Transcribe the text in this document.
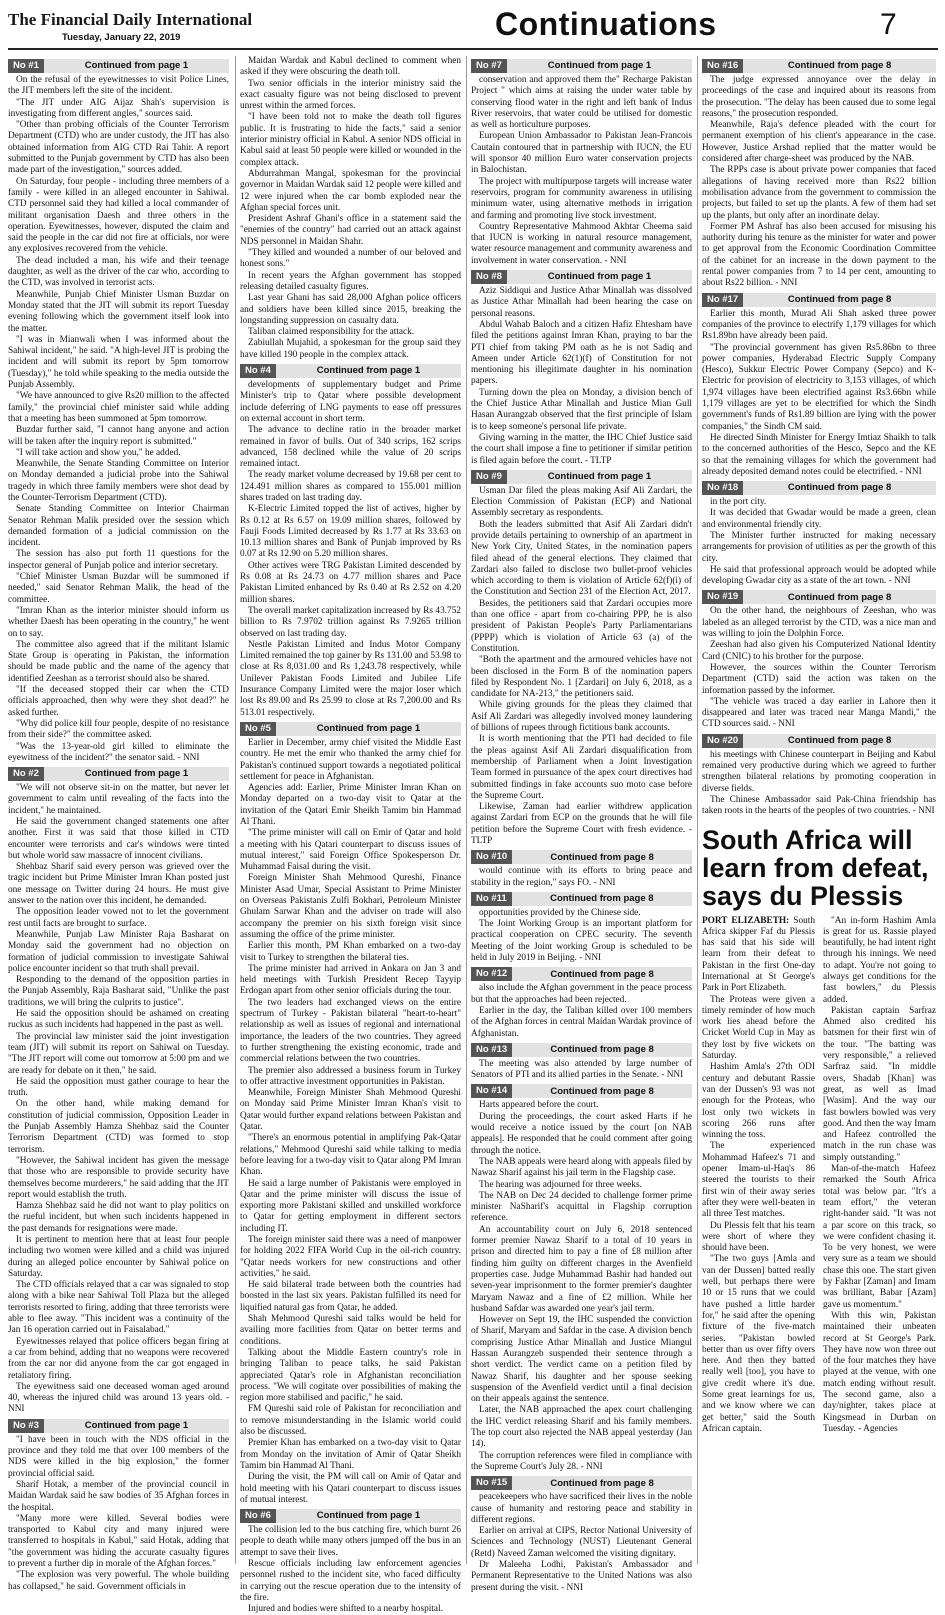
The Financial Daily International
Tuesday, January 22, 2019	Continuations	7
No #1	Continued from page 1

On the refusal of the eyewitnesses to visit Police Lines, the JIT members left the site of the incident.

"The JIT under AIG Aijaz Shah's supervision is investigating from different angles," sources said.

"Other than probing officials of the Counter Terrorism Department (CTD) who are under custody, the JIT has also obtained information from AIG CTD Rai Tahir. A report submitted to the Punjab government by CTD has also been made part of the investigation," sources added.

On Saturday, four people - including three members of a family - were killed in an alleged encounter in Sahiwal. CTD personnel said they had killed a local commander of militant organisation Daesh and three others in the operation. Eyewitnesses, however, disputed the claim and said the people in the car did not fire at officials, nor were any explosives recovered from the vehicle.

The dead included a man, his wife and their teenage daughter, as well as the driver of the car who, according to the CTD, was involved in terrorist acts.

Meanwhile, Punjab Chief Minister Usman Buzdar on Monday stated that the JIT will submit its report Tuesday evening following which the government itself look into the matter.

"I was in Mianwali when I was informed about the Sahiwal incident," he said. "A high-level JIT is probing the incident and will submit its report by 5pm tomorrow (Tuesday)," he told while speaking to the media outside the Punjab Assembly.

"We have announced to give Rs20 million to the affected family," the provincial chief minister said while adding that a meeting has been summoned at 5pm tomorrow.

Buzdar further said, "I cannot hang anyone and action will be taken after the inquiry report is submitted."

"I will take action and show you," he added.

Meanwhile, the Senate Standing Committee on Interior on Monday demanded a judicial probe into the Sahiwal tragedy in which three family members were shot dead by the Counter-Terrorism Department (CTD).

Senate Standing Committee on Interior Chairman Senator Rehman Malik presided over the session which demanded formation of a judicial commission on the incident.

The session has also put forth 11 questions for the inspector general of Punjab police and interior secretary.

"Chief Minister Usman Buzdar will be summoned if needed," said Senator Rehman Malik, the head of the committee.

"Imran Khan as the interior minister should inform us whether Daesh has been operating in the country," he went on to say.

The committee also agreed that if the militant Islamic State Group is operating in Pakistan, the information should be made public and the name of the agency that identified Zeeshan as a terrorist should also be shared.

"If the deceased stopped their car when the CTD officials approached, then why were they shot dead?" he asked further.

"Why did police kill four people, despite of no resistance from their side?" the committee asked.

"Was the 13-year-old girl killed to eliminate the eyewitness of the incident?" the senator said. - NNI

No #2	Continued from page 1

"We will not observe sit-in on the matter, but never let government to calm until revealing of the facts into the incident," he maintained.

He said the government changed statements one after another. First it was said that those killed in CTD encounter were terrorists and car's windows were tinted but whole world saw massacre of innocent civilians.

Shehbaz Sharif said every person was grieved over the tragic incident but Prime Minister Imran Khan posted just one message on Twitter during 24 hours. He must give answer to the nation over this incident, he demanded.

The opposition leader vowed not to let the government rest until facts are brought to surface.

Meanwhile, Punjab Law Minister Raja Basharat on Monday said the government had no objection on formation of judicial commission to investigate Sahiwal police encounter incident so that truth shall prevail.

Responding to the demand of the opposition parties in the Punjab Assembly, Raja Basharat said, "Unlike the past traditions, we will bring the culprits to justice".

He said the opposition should be ashamed on creating ruckus as such incidents had happened in the past as well.

The provincial law minister said the joint investigation team (JIT) will submit its report on Sahiwal on Tuesday. "The JIT report will come out tomorrow at 5:00 pm and we are ready for debate on it then," he said.

He said the opposition must gather courage to hear the truth.

On the other hand, while making demand for constitution of judicial commission, Opposition Leader in the Punjab Assembly Hamza Shehbaz said the Counter Terrorism Department (CTD) was formed to stop terrorism.

"However, the Sahiwal incident has given the message that those who are responsible to provide security have themselves become murderers," he said adding that the JIT report would establish the truth.

Hamza Shehbaz said he did not want to play politics on the rueful incident, but when such incidents happened in the past demands for resignations were made.

It is pertinent to mention here that at least four people including two women were killed and a child was injured during an alleged police encounter by Sahiwal police on Saturday.

The CTD officials relayed that a car was signaled to stop along with a bike near Sahiwal Toll Plaza but the alleged terrorists resorted to firing, adding that three terrorists were able to flee away. "This incident was a continuity of the Jan 16 operation carried out in Faisalabad."

Eyewitnesses relayed that police officers began firing at a car from behind, adding that no weapons were recovered from the car nor did anyone from the car got engaged in retaliatory firing.

The eyewitness said one deceased woman aged around 40, whereas the injured child was around 13 years old. - NNI

No #3	Continued from page 1

"I have been in touch with the NDS official in the province and they told me that over 100 members of the NDS were killed in the big explosion," the former provincial official said.

Sharif Hotak, a member of the provincial council in Maidan Wardak said he saw bodies of 35 Afghan forces in the hospital.

"Many more were killed. Several bodies were transported to Kabul city and many injured were transferred to hospitals in Kabul," said Hotak, adding that "the government was hiding the accurate casualty figures to prevent a further dip in morale of the Afghan forces."

"The explosion was very powerful. The whole building has collapsed," he said. Government officials in

Maidan Wardak and Kabul declined to comment when asked if they were obscuring the death toll.

Two senior officials in the interior ministry said the exact casualty figure was not being disclosed to prevent unrest within the armed forces.

"I have been told not to make the death toll figures public. It is frustrating to hide the facts," said a senior interior ministry official in Kabul. A senior NDS official in Kabul said at least 50 people were killed or wounded in the complex attack.

Abdurrahman Mangal, spokesman for the provincial governor in Maidan Wardak said 12 people were killed and 12 were injured when the car bomb exploded near the Afghan special forces unit.

President Ashraf Ghani's office in a statement said the "enemies of the country" had carried out an attack against NDS personnel in Maidan Shahr.

"They killed and wounded a number of our beloved and honest sons."

In recent years the Afghan government has stopped releasing detailed casualty figures.

Last year Ghani has said 28,000 Afghan police officers and soldiers have been killed since 2015, breaking the longstanding suppression on casualty data.

Taliban claimed responsibility for the attack.

Zabiullah Mujahid, a spokesman for the group said they have killed 190 people in the complex attack.

No #4	Continued from page 1

developments of supplementary budget and Prime Minister's trip to Qatar where possible development include deferring of LNG payments to ease off pressures on external account in short term.

The advance to decline ratio in the broader market remained in favor of bulls. Out of 340 scrips, 162 scrips advanced, 158 declined while the value of 20 scrips remained intact.

The ready market volume decreased by 19.68 per cent to 124.491 million shares as compared to 155.001 million shares traded on last trading day.

K-Electric Limited topped the list of actives, higher by Rs 0.12 at Rs 6.57 on 19.09 million shares, followed by Fauji Foods Limited decreased by Rs 1.77 at Rs 33.63 on 10.13 million shares and Bank of Punjab improved by Rs 0.07 at Rs 12.90 on 5.20 million shares.

Other actives were TRG Pakistan Limited descended by Rs 0.08 at Rs 24.73 on 4.77 million shares and Pace Pakistan Limited enhanced by Rs 0.40 at Rs 2.52 on 4.20 million shares.

The overall market capitalization increased by Rs 43.752 billion to Rs 7.9702 trillion against Rs 7.9265 trillion observed on last trading day.

Nestle Pakistan Limited and Indus Motor Company Limited remained the top gainer by Rs 131.00 and 53.98 to close at Rs 8,031.00 and Rs 1,243.78 respectively, while Unilever Pakistan Foods Limited and Jubilee Life Insurance Company Limited were the major loser which lost Rs 89.00 and Rs 25.99 to close at Rs 7,200.00 and Rs 513.01 respectively.

No #5	Continued from page 1

Earlier in December, army chief visited the Middle East country. He met the emir who thanked the army chief for Pakistan's continued support towards a negotiated political settlement for peace in Afghanistan.

Agencies add: Earlier, Prime Minister Imran Khan on Monday departed on a two-day visit to Qatar at the invitation of the Qatari Emir Sheikh Tamim bin Hammad Al Thani.

"The prime minister will call on Emir of Qatar and hold a meeting with his Qatari counterpart to discuss issues of mutual interest," said Foreign Office Spokesperson Dr. Muhammad Faisal during the visit.

Foreign Minister Shah Mehmood Qureshi, Finance Minister Asad Umar, Special Assistant to Prime Minister on Overseas Pakistanis Zulfi Bokhari, Petroleum Minister Ghulam Sarwar Khan and the adviser on trade will also accompany the premier on his sixth foreign visit since assuming the office of the prime minister.

Earlier this month, PM Khan embarked on a two-day visit to Turkey to strengthen the bilateral ties.

The prime minister had arrived in Ankara on Jan 3 and held meetings with Turkish President Recep Tayyip Erdogan apart from other senior officials during the tour.

The two leaders had exchanged views on the entire spectrum of Turkey - Pakistan bilateral "heart-to-heart" relationship as well as issues of regional and international importance, the leaders of the two countries. They agreed to further strengthening the existing economic, trade and commercial relations between the two countries.

The premier also addressed a business forum in Turkey to offer attractive investment opportunities in Pakistan.

Meanwhile, Foreign Minister Shah Mehmood Qureshi on Monday said Prime Minister Imran Khan's visit to Qatar would further expand relations between Pakistan and Qatar.

"There's an enormous potential in amplifying Pak-Qatar relations," Mehmood Qureshi said while talking to media before leaving for a two-day visit to Qatar along PM Imran Khan.

He said a large number of Pakistanis were employed in Qatar and the prime minister will discuss the issue of exporting more Pakistani skilled and unskilled workforce to Qatar for getting employment in different sectors including IT.

The foreign minister said there was a need of manpower for holding 2022 FIFA World Cup in the oil-rich country. "Qatar needs workers for new constructions and other activities," he said.

He said bilateral trade between both the countries had boosted in the last six years. Pakistan fulfilled its need for liquified natural gas from Qatar, he added.

Shah Mehmood Qureshi said talks would be held for availing more facilities from Qatar on better terms and conditions.

Talking about the Middle Eastern country's role in bringing Taliban to peace talks, he said Pakistan appreciated Qatar's role in Afghanistan reconciliation process. "We will cogitate over possibilities of making the region more stabilised and pacific," he said.

FM Qureshi said role of Pakistan for reconciliation and to remove misunderstanding in the Islamic world could also be discussed.

Premier Khan has embarked on a two-day visit to Qatar from Monday on the invitation of Amir of Qatar Sheikh Tamim bin Hammad Al Thani.

During the visit, the PM will call on Amir of Qatar and hold meeting with his Qatari counterpart to discuss issues of mutual interest.

No #6	Continued from page 1

The collision led to the bus catching fire, which burnt 26 people to death while many others jumped off the bus in an attempt to save their lives.

Rescue officials including law enforcement agencies personnel rushed to the incident site, who faced difficulty in carrying out the rescue operation due to the intensity of the fire.

Injured and bodies were shifted to a nearby hospital.

No #7	Continued from page 1

conservation and approved them the" Recharge Pakistan Project " which aims at raising the under water table by conserving flood water in the right and left bank of Indus River reservoirs, that water could be utilised for domestic as well as horticulture purposes.

European Union Ambassador to Pakistan Jean-Francois Cautain contoured that in partnership with IUCN, the EU will sponsor 40 million Euro water conservation projects in Balochistan.

The project with multipurpose targets will increase water reservoirs, program for community awareness in utilising minimum water, using alternative methods in irrigation and farming and promoting live stock investment.

Country Representative Mahmood Akhtar Cheema said that IUCN is working in natural resource management, water resource management and community awareness and involvement in water conservation. - NNI

No #8	Continued from page 1

Aziz Siddiqui and Justice Athar Minallah was dissolved as Justice Athar Minallah had been hearing the case on personal reasons.

Abdul Wahab Baloch and a citizen Hafiz Ehtesham have filed the petitions against Imran Khan, praying to bar the PTI chief from taking PM oath as he is not Sadiq and Ameen under Article 62(1)(f) of Constitution for not mentioning his illegitimate daughter in his nomination papers.

Turning down the plea on Monday, a division bench of the Chief Justice Athar Minallah and Justice Mian Gull Hasan Aurangzab observed that the first principle of Islam is to keep someone's personal life private.

Giving warning in the matter, the IHC Chief Justice said the court shall impose a fine to petitioner if similar petition is filed again before the court. - TLTP

No #9	Continued from page 1

Usman Dar filed the pleas making Asif Ali Zardari, the Election Commission of Pakistan (ECP) and National Assembly secretary as respondents.

Both the leaders submitted that Asif Ali Zardari didn't provide details pertaining to ownership of an apartment in New York City, United States, in the nomination papers filed ahead of the general elections. They claimed that Zardari also failed to disclose two bullet-proof vehicles which according to them is violation of Article 62(f)(i) of the Constitution and Section 231 of the Election Act, 2017.

Besides, the petitioners said that Zardari occupies more than one office - apart from co-chairing PPP, he is also president of Pakistan People's Party Parliamentarians (PPPP) which is violation of Article 63 (a) of the Constitution.

"Both the apartment and the armoured vehicles have not been disclosed in the Form B of the nomination papers filed by Respondent No. 1 [Zardari] on July 6, 2018, as a candidate for NA-213," the petitioners said.

While giving grounds for the pleas they claimed that Asif Ali Zardari was allegedly involved money laundering of billions of rupees through fictitious bank accounts.

It is worth mentioning that the PTI had decided to file the pleas against Asif Ali Zardari disqualification from membership of Parliament when a Joint Investigation Team formed in pursuance of the apex court directives had submitted findings in fake accounts suo moto case before the Supreme Court.

Likewise, Zaman had earlier withdrew application against Zardari from ECP on the grounds that he will file petition before the Supreme Court with fresh evidence. - TLTP

No #10	Continued from page 8

would continue with its efforts to bring peace and stability in the region," says FO. - NNI

No #11	Continued from page 8

opportunities provided by the Chinese side.

The Joint Working Group is an important platform for practical cooperation on CPEC security. The seventh Meeting of the Joint working Group is scheduled to be held in July 2019 in Beijing. - NNI

No #12	Continued from page 8

also include the Afghan government in the peace process but that the approaches had been rejected.

Earlier in the day, the Taliban killed over 100 members of the Afghan forces in central Maidan Wardak province of Afghanistan.

No #13	Continued from page 8

The meeting was also attended by large number of Senators of PTI and its allied parties in the Senate. - NNI

No #14	Continued from page 8

Harts appeared before the court.

During the proceedings, the court asked Harts if he would receive a notice issued by the court [on NAB appeals]. He responded that he could comment after going through the notice.

The NAB appeals were heard along with appeals filed by Nawaz Sharif against his jail term in the Flagship case.

The hearing was adjourned for three weeks.

The NAB on Dec 24 decided to challenge former prime minister NaSharif's acquittal in Flagship corruption reference.

An accountability court on July 6, 2018 sentenced former premier Nawaz Sharif to a total of 10 years in prison and directed him to pay a fine of £8 million after finding him guilty on different charges in the Avenfield properties case. Judge Muhammad Bashir had handed out seven-year imprisonment to the former premier's daughter Maryam Nawaz and a fine of £2 million. While her husband Safdar was awarded one year's jail term.

However on Sept 19, the IHC suspended the conviction of Sharif, Maryam and Safdar in the case. A division bench comprising Justice Athar Minallah and Justice Miangul Hassan Aurangzeb suspended their sentence through a short verdict. The verdict came on a petition filed by Nawaz Sharif, his daughter and her spouse seeking suspension of the Avenfield verdict until a final decision on their appeals against the sentence.

Later, the NAB approached the apex court challenging the IHC verdict releasing Sharif and his family members. The top court also rejected the NAB appeal yesterday (Jan 14).

The corruption references were filed in compliance with the Supreme Court's July 28. - NNI

No #15	Continued from page 8

peacekeepers who have sacrificed their lives in the noble cause of humanity and restoring peace and stability in different regions.

Earlier on arrival at CIPS, Rector National University of Sciences and Technology (NUST) Lieutenant General (Retd) Naveed Zaman welcomed the visiting dignitary.

Dr Maleeha Lodhi, Pakistan's Ambassador and Permanent Representative to the United Nations was also present during the visit. - NNI

No #16	Continued from page 8

The judge expressed annoyance over the delay in proceedings of the case and inquired about its reasons from the prosecution. "The delay has been caused due to some legal reasons," the prosecution responded.

Meanwhile, Raja's defence pleaded with the court for permanent exemption of his client's appearance in the case. However, Justice Arshad replied that the matter would be considered after charge-sheet was produced by the NAB.

The RPPs case is about private power companies that faced allegations of having received more than Rs22 billion mobilisation advance from the government to commission the projects, but failed to set up the plants. A few of them had set up the plants, but only after an inordinate delay.

Former PM Ashraf has also been accused for misusing his authority during his tenure as the minister for water and power to get approval from the Economic Coordination Committee of the cabinet for an increase in the down payment to the rental power companies from 7 to 14 per cent, amounting to about Rs22 billion. - NNI

No #17	Continued from page 8

Earlier this month, Murad Ali Shah asked three power companies of the province to electrify 1,179 villages for which Rs1.89bn have already been paid.

"The provincial government has given Rs5.86bn to three power companies, Hyderabad Electric Supply Company (Hesco), Sukkur Electric Power Company (Sepco) and K-Electric for provision of electricity to 3,153 villages, of which 1,974 villages have been electrified against Rs3.66bn while 1,179 villages are yet to be electrified for which the Sindh government's funds of Rs1.89 billion are lying with the power companies," the Sindh CM said.

He directed Sindh Minister for Energy Imtiaz Shaikh to talk to the concerned authorities of the Hesco, Sepco and the KE so that the remaining villages for which the government had already deposited demand notes could be electrified. - NNI

No #18	Continued from page 8

in the port city.

It was decided that Gwadar would be made a green, clean and environmental friendly city.

The Minister further instructed for making necessary arrangements for provision of utilities as per the growth of this city.

He said that professional approach would be adopted while developing Gwadar city as a state of the art town. - NNI

No #19	Continued from page 8

On the other hand, the neighbours of Zeeshan, who was labeled as an alleged terrorist by the CTD, was a nice man and was willing to join the Dolphin Force.

Zeeshan had also given his Computerized National Identity Card (CNIC) to his brother for the purpose.

However, the sources within the Counter Terrorism Department (CTD) said the action was taken on the information passed by the informer.

"The vehicle was traced a day earlier in Lahore then it disappeared and later was traced near Manga Mandi," the CTD sources said. - NNI

No #20	Continued from page 8

his meetings with Chinese counterpart in Beijing and Kabul remained very productive during which we agreed to further strengthen bilateral relations by promoting cooperation in diverse fields.

The Chinese Ambassador said Pak-China friendship has taken roots in the hearts of the peoples of two countries. - NNI

South Africa will learn from defeat, says du Plessis

PORT ELIZABETH: South Africa skipper Faf du Plessis has said that his side will learn from their defeat to Pakistan in the first One-day International at St George's Park in Port Elizabeth.

The Proteas were given a timely reminder of how much work lies ahead before the Cricket World Cup in May as they lost by five wickets on Saturday.

Hashim Amla's 27th ODI century and debutant Rassie van der Dussen's 93 was not enough for the Proteas, who lost only two wickets in scoring 266 runs after winning the toss.

The experienced Mohammad Hafeez's 71 and opener Imam-ul-Haq's 86 steered the tourists to their first win of their away series after they were well-beaten in all three Test matches.

Du Plessis felt that his team were short of where they should have been.

"The two guys [Amla and van der Dussen] batted really well, but perhaps there were 10 or 15 runs that we could have pushed a little harder for," he said after the opening fixture of the five-match series. "Pakistan bowled better than us over fifty overs here. And then they batted really well [too], you have to give credit where it's due. Some great learnings for us, and we know where we can get better," said the South African captain.

"An in-form Hashim Amla is great for us. Rassie played beautifully, he had intent right through his innings. We need to adapt. You're not going to always get conditions for the fast bowlers," du Plessis added.

Pakistan captain Sarfraz Ahmed also credited his batsmen for their first win of the tour. "The batting was very responsible," a relieved Sarfraz said. "In middle overs, Shadab [Khan] was great, as well as Imad [Wasim]. And the way our fast bowlers bowled was very good. And then the way Imam and Hafeez controlled the match in the run chase was simply outstanding."

Man-of-the-match Hafeez remarked the South Africa total was below par. "It's a team effort," the veteran right-hander said. "It was not a par score on this track, so we were confident chasing it. To be very honest, we were very sure as a team we should chase this one. The start given by Fakhar [Zaman] and Imam was brilliant, Babar [Azam] gave us momentum."

With this win, Pakistan maintained their unbeaten record at St George's Park. They have now won three out of the four matches they have played at the venue, with one match ending without result. The second game, also a day/nighter, takes place at Kingsmead in Durban on Tuesday. - Agencies
